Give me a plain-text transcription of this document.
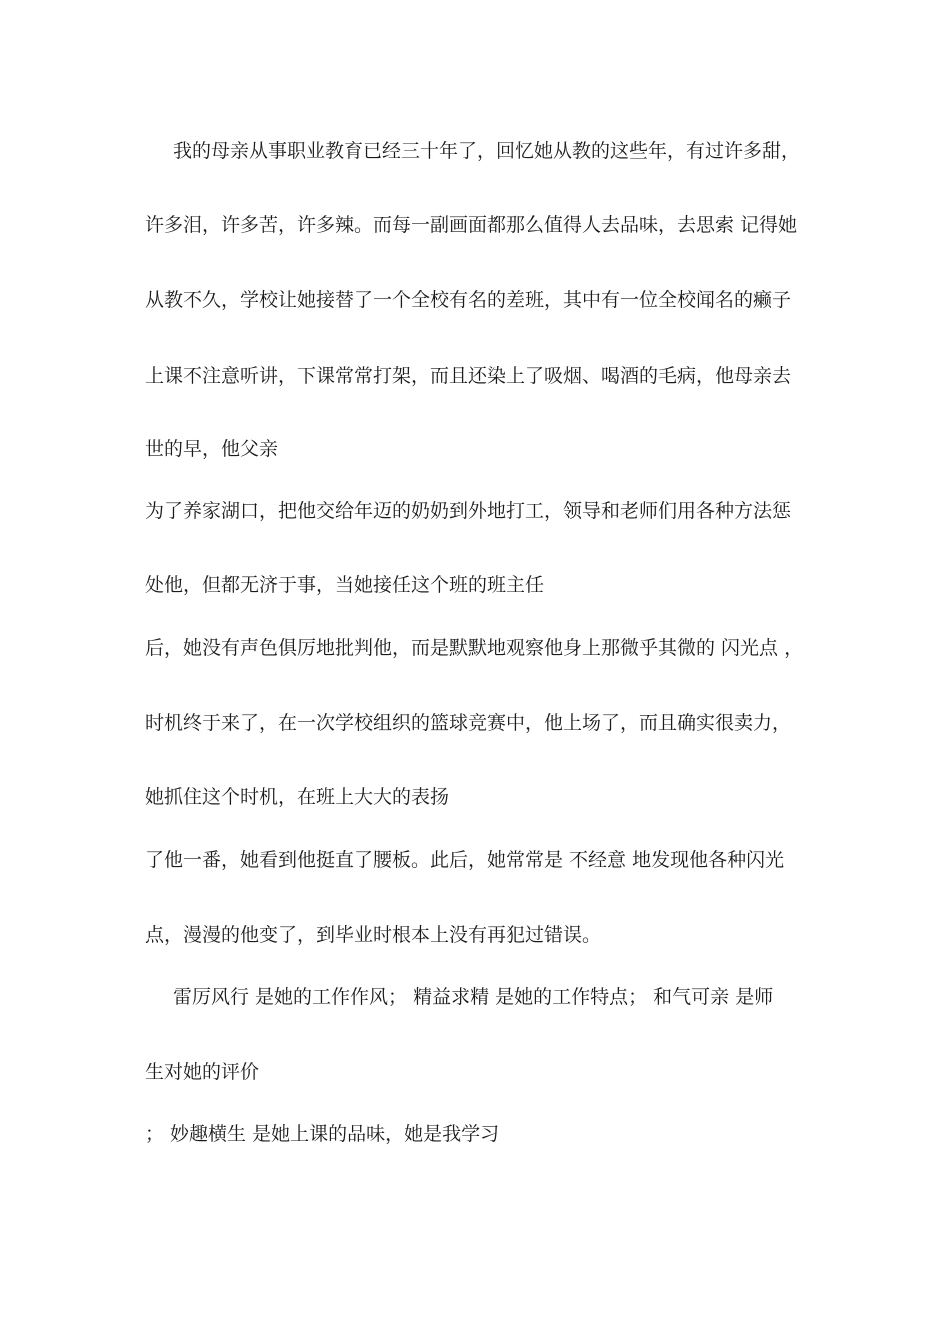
我的母亲从事职业教育已经三十年了，回忆她从教的这些年，有过许多甜，
许多泪，许多苦，许多辣。而每一副画面都那么值得人去品味，去思索 记得她
从教不久，学校让她接替了一个全校有名的差班，其中有一位全校闻名的癞子
上课不注意听讲，下课常常打架，而且还染上了吸烟、喝酒的毛病，他母亲去
世的早，他父亲
为了养家湖口，把他交给年迈的奶奶到外地打工，领导和老师们用各种方法惩
处他，但都无济于事，当她接任这个班的班主任
后，她没有声色俱厉地批判他，而是默默地观察他身上那微乎其微的 闪光点 ，
时机终于来了，在一次学校组织的篮球竞赛中，他上场了，而且确实很卖力，
她抓住这个时机，在班上大大的表扬
了他一番，她看到他挺直了腰板。此后，她常常是 不经意 地发现他各种闪光
点，漫漫的他变了，到毕业时根本上没有再犯过错误。
雷厉风行 是她的工作作风； 精益求精 是她的工作特点； 和气可亲 是师
生对她的评价
； 妙趣横生 是她上课的品味，她是我学习
